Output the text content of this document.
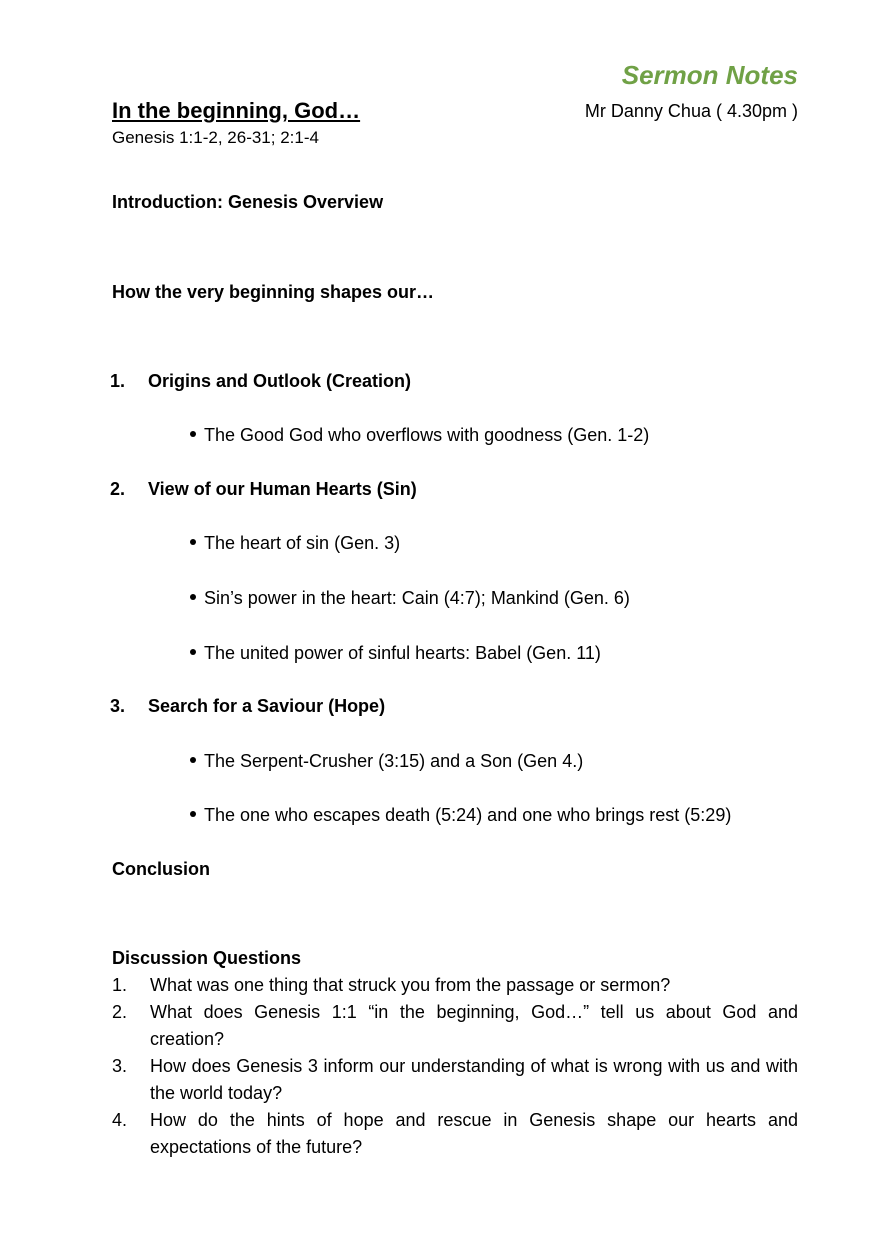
Sermon Notes
In the beginning, God…	Mr Danny Chua ( 4.30pm )
Genesis 1:1-2, 26-31; 2:1-4
Introduction: Genesis Overview
How the very beginning shapes our…
1. Origins and Outlook (Creation)
The Good God who overflows with goodness (Gen. 1-2)
2. View of our Human Hearts (Sin)
The heart of sin (Gen. 3)
Sin’s power in the heart: Cain (4:7); Mankind (Gen. 6)
The united power of sinful hearts: Babel (Gen. 11)
3. Search for a Saviour (Hope)
The Serpent-Crusher (3:15) and a Son (Gen 4.)
The one who escapes death (5:24) and one who brings rest (5:29)
Conclusion
Discussion Questions
1.	What was one thing that struck you from the passage or sermon?
2.	What does Genesis 1:1 “in the beginning, God…” tell us about God and creation?
3.	How does Genesis 3 inform our understanding of what is wrong with us and with the world today?
4.	How do the hints of hope and rescue in Genesis shape our hearts and expectations of the future?
